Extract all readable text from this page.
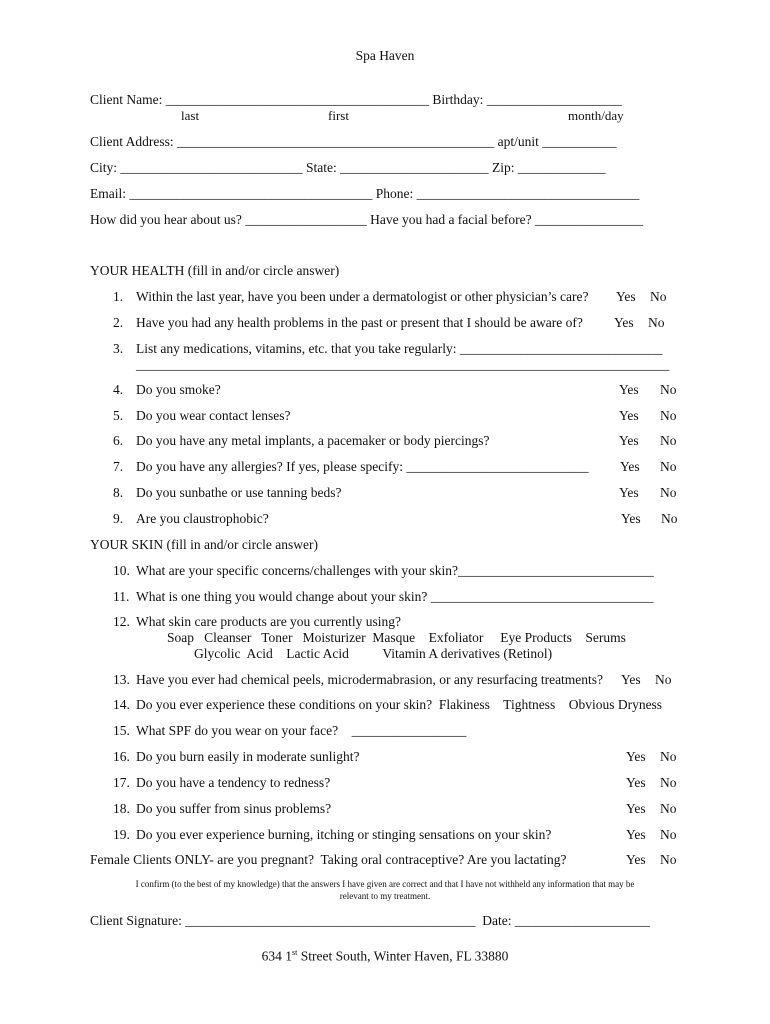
Spa Haven
Client Name: _______________________________________ Birthday: ____________________
last	first	month/day
Client Address: _______________________________________________ apt/unit ___________
City: ___________________________ State: ______________________ Zip: _____________
Email: ____________________________________ Phone: _________________________________
How did you hear about us? __________________ Have you had a facial before? ________________
YOUR HEALTH (fill in and/or circle answer)
1. Within the last year, have you been under a dermatologist or other physician’s care? Yes No
2. Have you had any health problems in the past or present that I should be aware of? Yes No
3. List any medications, vitamins, etc. that you take regularly: ______________________________
_______________________________________________________________________________
4. Do you smoke?	Yes No
5. Do you wear contact lenses?	Yes No
6. Do you have any metal implants, a pacemaker or body piercings?	Yes No
7. Do you have any allergies? If yes, please specify: ___________________________ Yes No
8. Do you sunbathe or use tanning beds?	Yes No
9. Are you claustrophobic?	Yes No
YOUR SKIN (fill in and/or circle answer)
10. What are your specific concerns/challenges with your skin?_____________________________
11. What is one thing you would change about your skin? _________________________________
12. What skin care products are you currently using?
Soap   Cleanser   Toner   Moisturizer  Masque    Exfoliator     Eye Products    Serums
Glycolic  Acid    Lactic Acid          Vitamin A derivatives (Retinol)
13. Have you ever had chemical peels, microdermabrasion, or any resurfacing treatments? Yes No
14. Do you ever experience these conditions on your skin?  Flakiness    Tightness    Obvious Dryness
15. What SPF do you wear on your face?    _________________
16. Do you burn easily in moderate sunlight?	Yes No
17. Do you have a tendency to redness?	Yes No
18. Do you suffer from sinus problems?	Yes No
19. Do you ever experience burning, itching or stinging sensations on your skin?	Yes No
Female Clients ONLY- are you pregnant?  Taking oral contraceptive? Are you lactating?	Yes No
I confirm (to the best of my knowledge) that the answers I have given are correct and that I have not withheld any information that may be
relevant to my treatment.
Client Signature: ___________________________________________  Date: ____________________
634 1st Street South, Winter Haven, FL 33880
